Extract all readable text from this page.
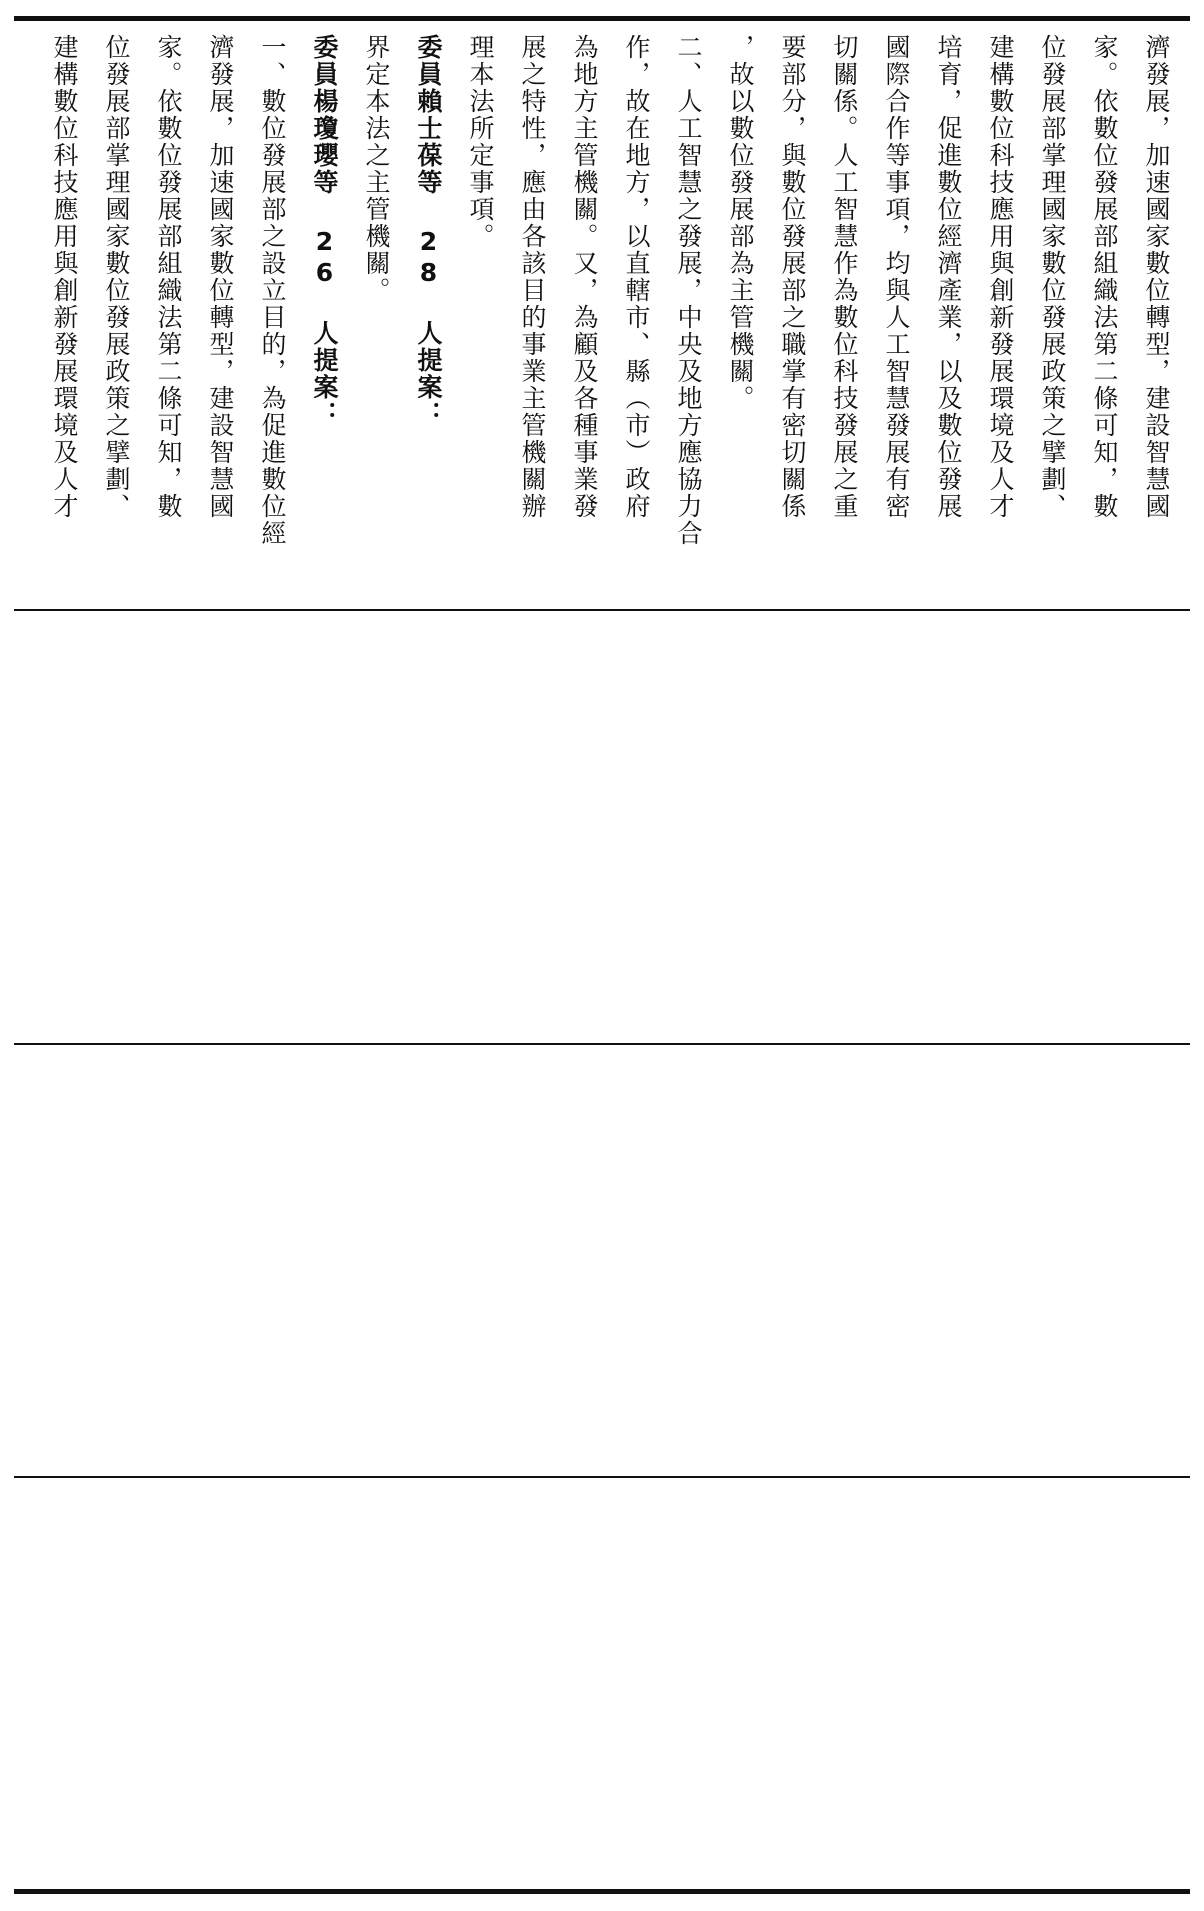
濟發展，加速國家數位轉型，建設智慧國
家。依數位發展部組織法第二條可知，數
位發展部掌理國家數位發展政策之擘劃、
建構數位科技應用與創新發展環境及人才
培育，促進數位經濟產業，以及數位發展
國際合作等事項，均與人工智慧發展有密
切關係。人工智慧作為數位科技發展之重
要部分，與數位發展部之職掌有密切關係
，故以數位發展部為主管機關。
二、人工智慧之發展，中央及地方應協力合
作，故在地方，以直轄市、縣（市）政府
為地方主管機關。又，為顧及各種事業發
展之特性，應由各該目的事業主管機關辦
理本法所定事項。
委員賴士葆等 28 人提案：
界定本法之主管機關。
委員楊瓊瓔等 26 人提案：
一、數位發展部之設立目的，為促進數位經
濟發展，加速國家數位轉型，建設智慧國
家。依數位發展部組織法第二條可知，數
位發展部掌理國家數位發展政策之擘劃、
建構數位科技應用與創新發展環境及人才
